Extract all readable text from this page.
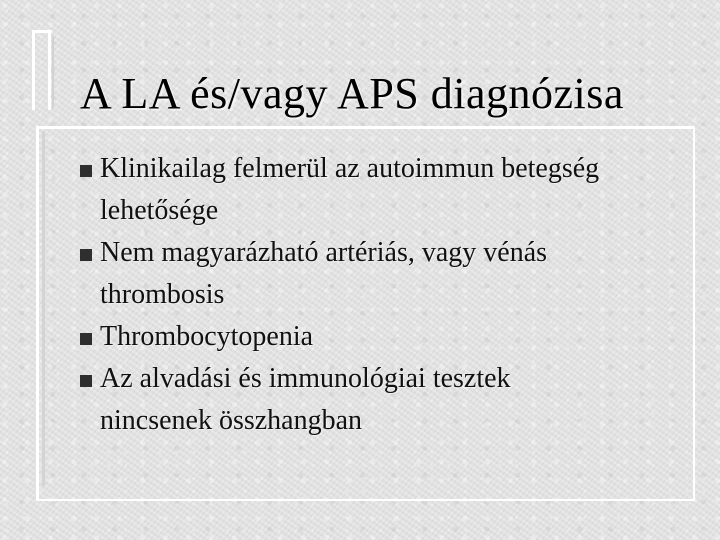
A LA és/vagy APS diagnózisa
Klinikailag felmerül az autoimmun betegség
lehetősége
Nem magyarázható artériás, vagy vénás
thrombosis
Thrombocytopenia
Az alvadási és immunológiai tesztek
nincsenek összhangban
